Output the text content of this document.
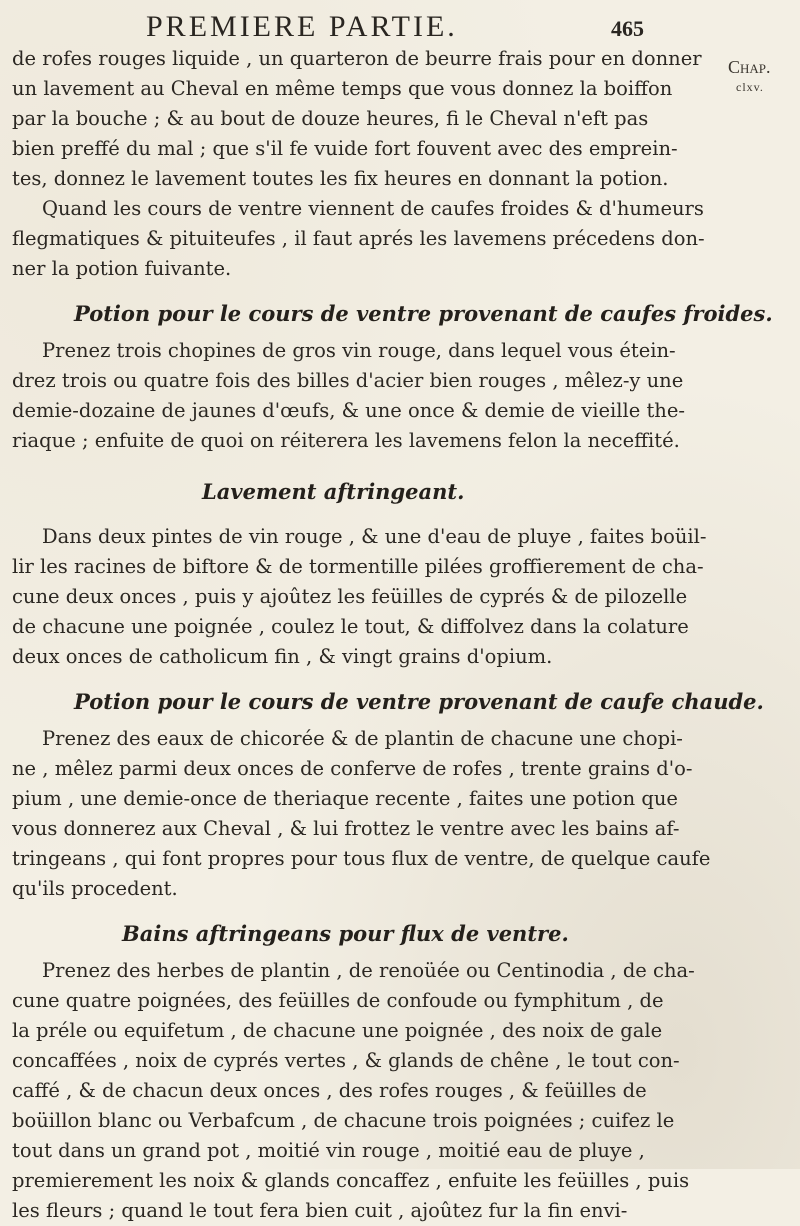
PREMIERE PARTIE.	465
Chap.
clxv.
de rofes rouges liquide , un quarteron de beurre frais pour en donner
un lavement au Cheval en même temps que vous donnez la boiffon
par la bouche ; & au bout de douze heures, fi le Cheval n'eft pas
bien preffé du mal ; que s'il fe vuide fort fouvent avec des emprein-
tes, donnez le lavement toutes les fix heures en donnant la potion.
Quand les cours de ventre viennent de caufes froides & d'humeurs
flegmatiques & pituiteufes , il faut aprés les lavemens précedens don-
ner la potion fuivante.
Potion pour le cours de ventre provenant de caufes froides.
Prenez trois chopines de gros vin rouge, dans lequel vous étein-
drez trois ou quatre fois des billes d'acier bien rouges , mêlez-y une
demie-dozaine de jaunes d'œufs, & une once & demie de vieille the-
riaque ; enfuite de quoi on réiterera les lavemens felon la neceffité.
Lavement aftringeant.
Dans deux pintes de vin rouge , & une d'eau de pluye , faites boüil-
lir les racines de biftore & de tormentille pilées groffierement de cha-
cune deux onces , puis y ajoûtez les feüilles de cyprés & de pilozelle
de chacune une poignée , coulez le tout, & diffolvez dans la colature
deux onces de catholicum fin , & vingt grains d'opium.
Potion pour le cours de ventre provenant de caufe chaude.
Prenez des eaux de chicorée & de plantin de chacune une chopi-
ne , mêlez parmi deux onces de conferve de rofes , trente grains d'o-
pium , une demie-once de theriaque recente , faites une potion que
vous donnerez aux Cheval , & lui frottez le ventre avec les bains af-
tringeans , qui font propres pour tous flux de ventre, de quelque caufe
qu'ils procedent.
Bains aftringeans pour flux de ventre.
Prenez des herbes de plantin , de renoüée ou Centinodia , de cha-
cune quatre poignées, des feüilles de confoude ou fymphitum , de
la préle ou equifetum , de chacune une poignée , des noix de gale
concaffées , noix de cyprés vertes , & glands de chêne , le tout con-
caffé , & de chacun deux onces , des rofes rouges , & feüilles de
boüillon blanc ou Verbafcum , de chacune trois poignées ; cuifez le
tout dans un grand pot , moitié vin rouge , moitié eau de pluye ,
premierement les noix & glands concaffez , enfuite les feüilles , puis
les fleurs ; quand le tout fera bien cuit , ajoûtez fur la fin envi-
